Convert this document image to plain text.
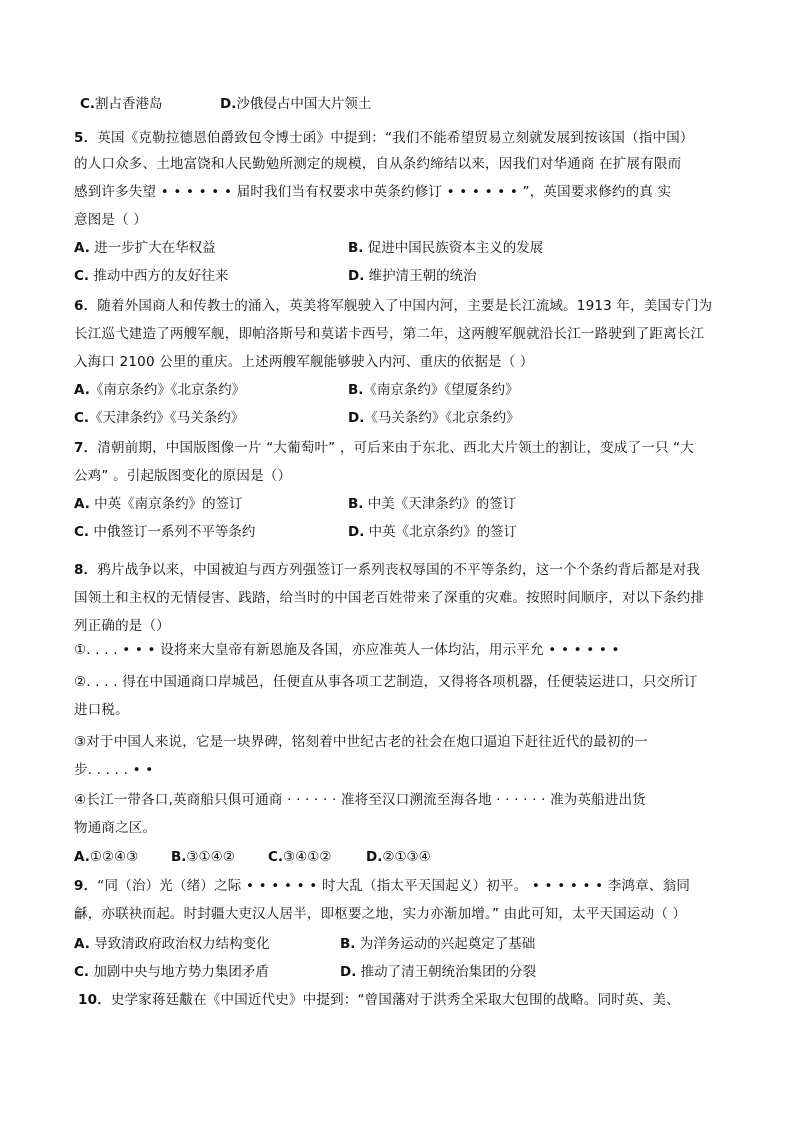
C.割占香港岛	D.沙俄侵占中国大片领土
5．英国《克勒拉德恩伯爵致包令博士函》中提到：“我们不能希望贸易立刻就发展到按该国（指中国）
的人口众多、土地富饶和人民勤勉所测定的规模，自从条约缔结以来，因我们对华通商 在扩展有限而
感到许多失望 • • • • • • 届时我们当有权要求中英条约修订 • • • • • • ”，英国要求修约的真 实
意图是（ ）
A. 进一步扩大在华权益	B. 促进中国民族资本主义的发展
C. 推动中西方的友好往来	D. 维护清王朝的统治
6．随着外国商人和传教士的涌入，英美将军舰驶入了中国内河，主要是长江流域。1913 年，美国专门为
长江巡弋建造了两艘军舰，即帕洛斯号和莫诺卡西号，第二年，这两艘军舰就沿长江一路驶到了距离长江
入海口 2100 公里的重庆。上述两艘军舰能够驶入内河、重庆的依据是（ ）
A.《南京条约》《北京条约》	B.《南京条约》《望厦条约》
C.《天津条约》《马关条约》	D.《马关条约》《北京条约》
7．清朝前期，中国版图像一片 “大葡萄叶” ，可后来由于东北、西北大片领土的割让，变成了一只 “大
公鸡” 。引起版图变化的原因是（）
A. 中英《南京条约》的签订	B. 中美《天津条约》的签订
C. 中俄签订一系列不平等条约	D. 中英《北京条约》的签订
8．鸦片战争以来，中国被迫与西方列强签订一系列丧权辱国的不平等条约，这一个个条约背后都是对我
国领土和主权的无情侵害、践踏，给当时的中国老百姓带来了深重的灾难。按照时间顺序，对以下条约排
列正确的是（）
①. . . . • • • 设将来大皇帝有新恩施及各国，亦应准英人一体均沾，用示平允 • • • • • •
②. . . . 得在中国通商口岸城邑，任便直从事各项工艺制造，又得将各项机器，任便装运进口，只交所订
进口税。
③对于中国人来说，它是一块界碑，铭刻着中世纪古老的社会在炮口逼迫下赶往近代的最初的一
步. . . . . • •
④长江一带各口,英商船只俱可通商 · · · · · · 准将至汉口溯流至海各地 · · · · · · 准为英船进出货
物通商之区。
A.①②④③ B.③①④② C.③④①②	D.②①③④
9．“同（治）光（绪）之际 • • • • • • 时大乱（指太平天国起义）初平。 • • • • • • 李鸿章、翁同
龢，亦联袂而起。时封疆大吏汉人居半，即枢要之地，实力亦渐加增。” 由此可知，太平天国运动（ ）
A. 导致清政府政治权力结构变化	B. 为洋务运动的兴起奠定了基础
C. 加剧中央与地方势力集团矛盾	D. 推动了清王朝统治集团的分裂
10．史学家蒋廷黻在《中国近代史》中提到：“曾国藩对于洪秀全采取大包围的战略。同时英、美、
